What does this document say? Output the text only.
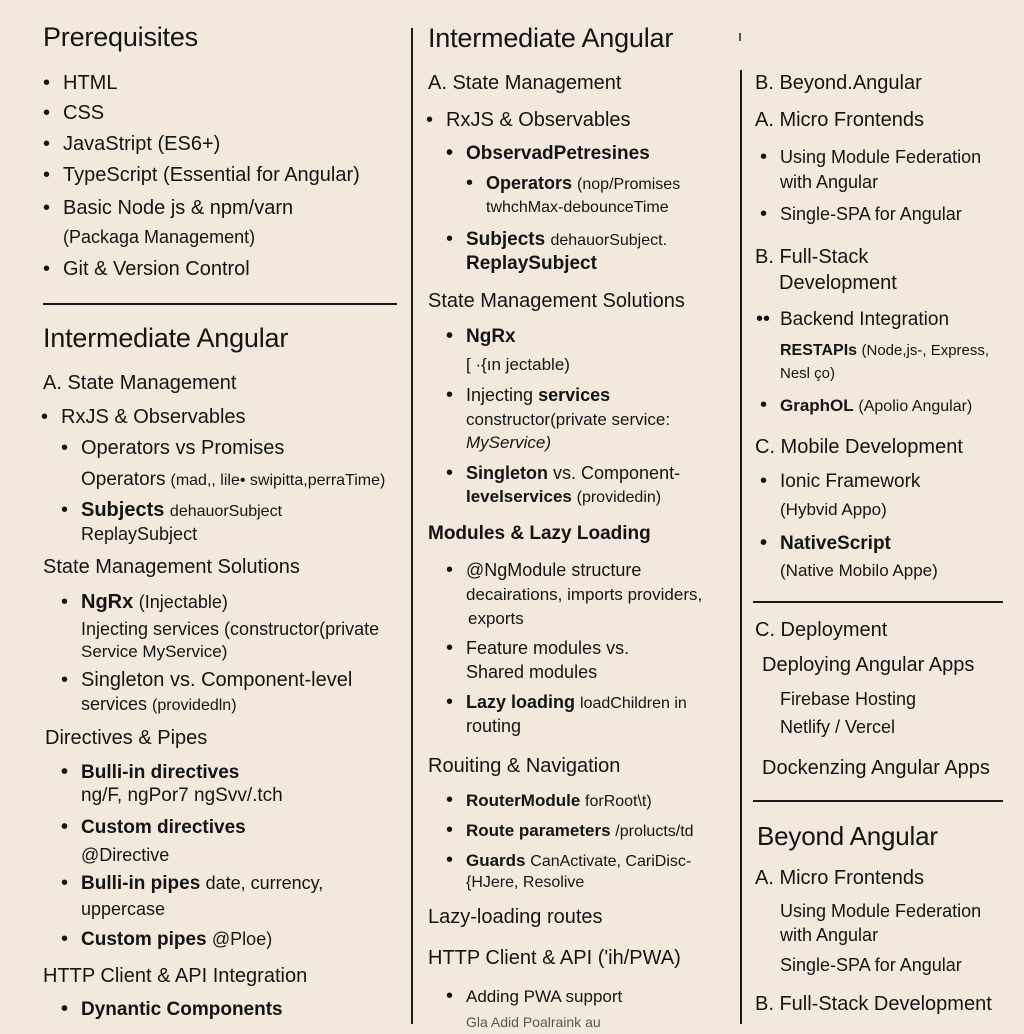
Prerequisites
• HTML
• CSS
• JavaStript (ES6+)
• TypeScript (Essential for Angular)
• Basic Node js & npm/varn
(Packaga Management)
• Git & Version Control
Intermediate Angular
A. State Management
• RxJS & Observables
• Operators vs Promises
Operators (mad,, lile• swipitta,perraTime)
• Subjects dehauorSubject
ReplaySubject
State Management Solutions
• NgRx (Injectable)
Injecting services (constructor(private
Service MyService)
• Singleton vs. Component-level
services (providedln)
Directives & Pipes
• Bulli-in directives
ng/F, ngPor7 ngSvv/.tch
• Custom directives
@Directive
• Bulli-in pipes date, currency,
uppercase
• Custom pipes @Ploe)
HTTP Client & API Integration
• Dynantic Components
Intermediate Angular
A. State Management
• RxJS & Observables
• ObservadPetresines
• Operators (nop/Promises
twhchMax-debounceTime
• Subjects dehauorSubject.
ReplaySubject
State Management Solutions
• NgRx
[ ·{ın jectable)
• Injecting services
constructor(private service:
MyService)
• Singleton vs. Component-
levelservices (providedin)
Modules & Lazy Loading
• @NgModule structure
decairations, imports providers,
exports
• Feature modules vs.
Shared modules
• Lazy loading loadChildren in
routing
Rouiting & Navigation
• RouterModule forRoot\t)
• Route parameters /prolucts/td
• Guards CanActivate, CariDisc-
{HJere, Resolive
Lazy-loading routes
HTTP Client & API ('ih/PWA)
• Adding PWA support
Gla Adid Poalraink au
B. Beyond.Angular
A. Micro Frontends
• Using Module Federation
with Angular
• Single-SPA for Angular
B. Full-Stack
Development
•• Backend Integration
RESTAPIs (Node,js-, Express,
Nesl ço)
• GraphOL (Apolio Angular)
C. Mobile Development
• Ionic Framework
(Hybvid Appo)
• NativeScript
(Native Mobilo Appe)
C. Deployment
Deploying Angular Apps
Firebase Hosting
Netlify / Vercel
Dockenzing Angular Apps
Beyond Angular
A. Micro Frontends
Using Module Federation
with Angular
Single-SPA for Angular
B. Full-Stack Development
